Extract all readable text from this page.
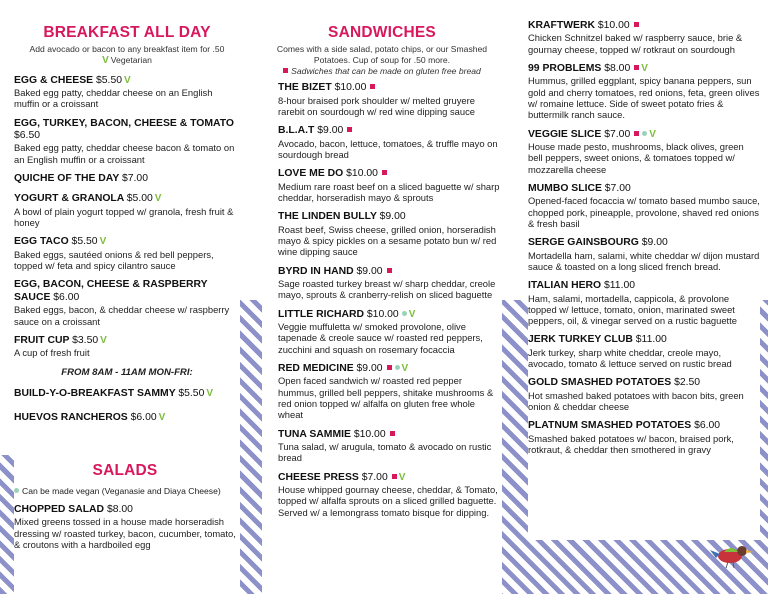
BREAKFAST ALL DAY
Add avocado or bacon to any breakfast item for .50
V Vegetarian
EGG & CHEESE $5.50 V
Baked egg patty, cheddar cheese on an English muffin or a croissant
EGG, TURKEY, BACON, CHEESE & TOMATO $6.50
Baked egg patty, cheddar cheese bacon & tomato on an English muffin or a croissant
QUICHE OF THE DAY $7.00
YOGURT & GRANOLA $5.00 V
A bowl of plain yogurt topped w/ granola, fresh fruit & honey
EGG TACO $5.50 V
Baked eggs, sautéed onions & red bell peppers, topped w/ feta and spicy cilantro sauce
EGG, BACON, CHEESE & RASPBERRY SAUCE $6.00
Baked eggs, bacon, & cheddar cheese w/ raspberry sauce on a croissant
FRUIT CUP $3.50 V
A cup of fresh fruit
FROM 8AM - 11AM MON-FRI:
BUILD-Y-O-BREAKFAST SAMMY $5.50 V
HUEVOS RANCHEROS $6.00 V
SALADS
Can be made vegan (Veganasie and Diaya Cheese)
CHOPPED SALAD $8.00
Mixed greens tossed in a house made horseradish dressing w/ roasted turkey, bacon, cucumber, tomato, & croutons with a hardboiled egg
SANDWICHES
Comes with a side salad, potato chips, or our Smashed Potatoes. Cup of soup for .50 more.
Sadwiches that can be made on gluten free bread
THE BIZET $10.00
8-hour braised pork shoulder w/ melted gruyere rarebit on sourdough w/ red wine dipping sauce
B.L.A.T $9.00
Avocado, bacon, lettuce, tomatoes, & truffle mayo on sourdough bread
LOVE ME DO $10.00
Medium rare roast beef on a sliced baguette w/ sharp cheddar, horseradish mayo & sprouts
THE LINDEN BULLY $9.00
Roast beef, Swiss cheese, grilled onion, horseradish mayo & spicy pickles on a sesame potato bun w/ red wine dipping sauce
BYRD IN HAND $9.00
Sage roasted turkey breast w/ sharp cheddar, creole mayo, sprouts & cranberry-relish on sliced baguette
LITTLE RICHARD $10.00 V
Veggie muffuletta w/ smoked provolone, olive tapenade & creole sauce w/ roasted red peppers, zucchini and squash on rosemary focaccia
RED MEDICINE $9.00 V
Open faced sandwich w/ roasted red pepper hummus, grilled bell peppers, shitake mushrooms & red onion topped w/ alfalfa on gluten free whole wheat
TUNA SAMMIE $10.00
Tuna salad, w/ arugula, tomato & avocado on rustic bread
CHEESE PRESS $7.00 V
House whipped gournay cheese, cheddar, & Tomato, topped w/ alfalfa sprouts on a sliced grilled baguette. Served w/ a lemongrass tomato bisque for dipping.
KRAFTWERK $10.00
Chicken Schnitzel baked w/ raspberry sauce, brie & gournay cheese, topped w/ rotkraut on sourdough
99 PROBLEMS $8.00 V
Hummus, grilled eggplant, spicy banana peppers, sun gold and cherry tomatoes, red onions, feta, green olives w/ romaine lettuce. Side of sweet potato fries & buttermilk ranch sauce.
VEGGIE SLICE $7.00 V
House made pesto, mushrooms, black olives, green bell peppers, sweet onions, & tomatoes topped w/ mozzarella cheese
MUMBO SLICE $7.00
Opened-faced focaccia w/ tomato based mumbo sauce, chopped pork, pineapple, provolone, shaved red onions & fresh basil
SERGE GAINSBOURG $9.00
Mortadella ham, salami, white cheddar w/ dijon mustard sauce & toasted on a long sliced french bread.
ITALIAN HERO $11.00
Ham, salami, mortadella, cappicola, & provolone topped w/ lettuce, tomato, onion, marinated sweet peppers, oil, & vinegar served on a rustic baguette
JERK TURKEY CLUB $11.00
Jerk turkey, sharp white cheddar, creole mayo, avocado, tomato & lettuce served on rustic bread
GOLD SMASHED POTATOES $2.50
Hot smashed baked potatoes with bacon bits, green onion & cheddar cheese
PLATNUM SMASHED POTATOES $6.00
Smashed baked potatoes w/ bacon, braised pork, rotkraut, & cheddar then smothered in gravy
